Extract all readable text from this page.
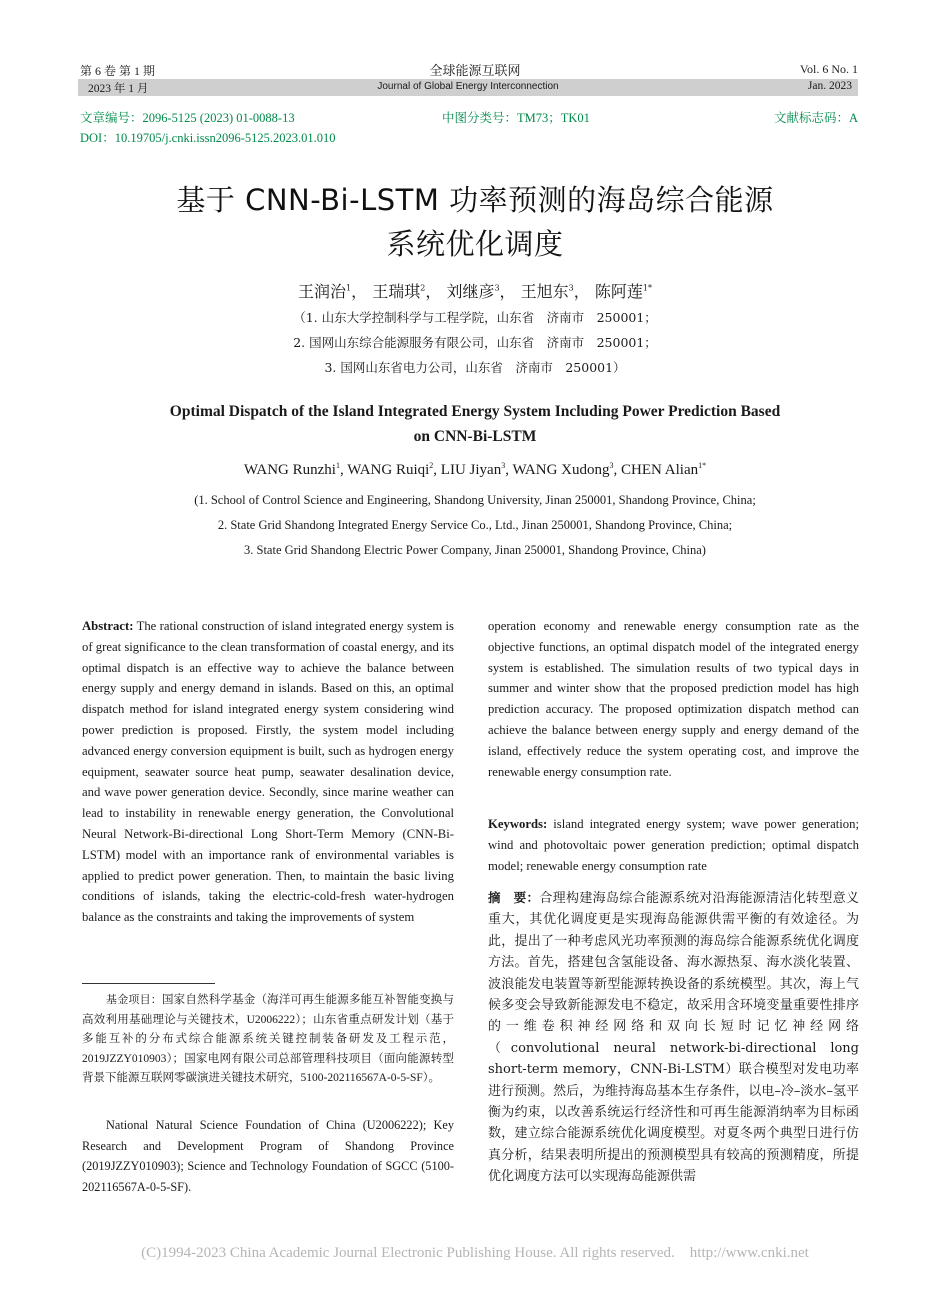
第 6 卷 第 1 期	全球能源互联网	Vol. 6 No. 1
2023 年 1 月	Journal of Global Energy Interconnection	Jan. 2023
文章编号：2096-5125 (2023) 01-0088-13	中图分类号：TM73；TK01	文献标志码：A
DOI：10.19705/j.cnki.issn2096-5125.2023.01.010
基于 CNN-Bi-LSTM 功率预测的海岛综合能源
系统优化调度
王润治$^1$， 王瑞琪$^2$， 刘继彦$^3$， 王旭东$^3$， 陈阿莲$^{1*}$
（1. 山东大学控制科学与工程学院，山东省　济南市　250001；
2. 国网山东综合能源服务有限公司，山东省　济南市　250001；
3. 国网山东省电力公司，山东省　济南市　250001）
Optimal Dispatch of the Island Integrated Energy System Including Power Prediction Based
on CNN-Bi-LSTM
WANG Runzhi$^1$, WANG Ruiqi$^2$, LIU Jiyan$^3$, WANG Xudong$^3$, CHEN Alian$^{1*}$
(1. School of Control Science and Engineering, Shandong University, Jinan 250001, Shandong Province, China;
2. State Grid Shandong Integrated Energy Service Co., Ltd., Jinan 250001, Shandong Province, China;
3. State Grid Shandong Electric Power Company, Jinan 250001, Shandong Province, China)
Abstract: The rational construction of island integrated energy system is of great significance to the clean transformation of coastal energy, and its optimal dispatch is an effective way to achieve the balance between energy supply and energy demand in islands. Based on this, an optimal dispatch method for island integrated energy system considering wind power prediction is proposed. Firstly, the system model including advanced energy conversion equipment is built, such as hydrogen energy equipment, seawater source heat pump, seawater desalination device, and wave power generation device. Secondly, since marine weather can lead to instability in renewable energy generation, the Convolutional Neural Network-Bi-directional Long Short-Term Memory (CNN-Bi-LSTM) model with an importance rank of environmental variables is applied to predict power generation. Then, to maintain the basic living conditions of islands, taking the electric-cold-fresh water-hydrogen balance as the constraints and taking the improvements of system
基金项目：国家自然科学基金（海洋可再生能源多能互补智能变换与高效利用基础理论与关键技术，U2006222）；山东省重点研发计划（基于多能互补的分布式综合能源系统关键控制装备研发及工程示范，2019JZZY010903）；国家电网有限公司总部管理科技项目（面向能源转型背景下能源互联网零碳演进关键技术研究，5100-202116567A-0-5-SF）。
National Natural Science Foundation of China (U2006222); Key Research and Development Program of Shandong Province (2019JZZY010903); Science and Technology Foundation of SGCC (5100-202116567A-0-5-SF).
operation economy and renewable energy consumption rate as the objective functions, an optimal dispatch model of the integrated energy system is established. The simulation results of two typical days in summer and winter show that the proposed prediction model has high prediction accuracy. The proposed optimization dispatch method can achieve the balance between energy supply and energy demand of the island, effectively reduce the system operating cost, and improve the renewable energy consumption rate.
Keywords: island integrated energy system; wave power generation; wind and photovoltaic power generation prediction; optimal dispatch model; renewable energy consumption rate
摘　要：合理构建海岛综合能源系统对沿海能源清洁化转型意义重大，其优化调度更是实现海岛能源供需平衡的有效途径。为此，提出了一种考虑风光功率预测的海岛综合能源系统优化调度方法。首先，搭建包含氢能设备、海水源热泵、海水淡化装置、波浪能发电装置等新型能源转换设备的系统模型。其次，海上气候多变会导致新能源发电不稳定，故采用含环境变量重要性排序的一维卷积神经网络和双向长短时记忆神经网络（convolutional neural network-bi-directional long short-term memory，CNN-Bi-LSTM）联合模型对发电功率进行预测。然后，为维持海岛基本生存条件，以电–冷–淡水–氢平衡为约束，以改善系统运行经济性和可再生能源消纳率为目标函数，建立综合能源系统优化调度模型。对夏冬两个典型日进行仿真分析，结果表明所提出的预测模型具有较高的预测精度，所提优化调度方法可以实现海岛能源供需
(C)1994-2023 China Academic Journal Electronic Publishing House. All rights reserved.　http://www.cnki.net
